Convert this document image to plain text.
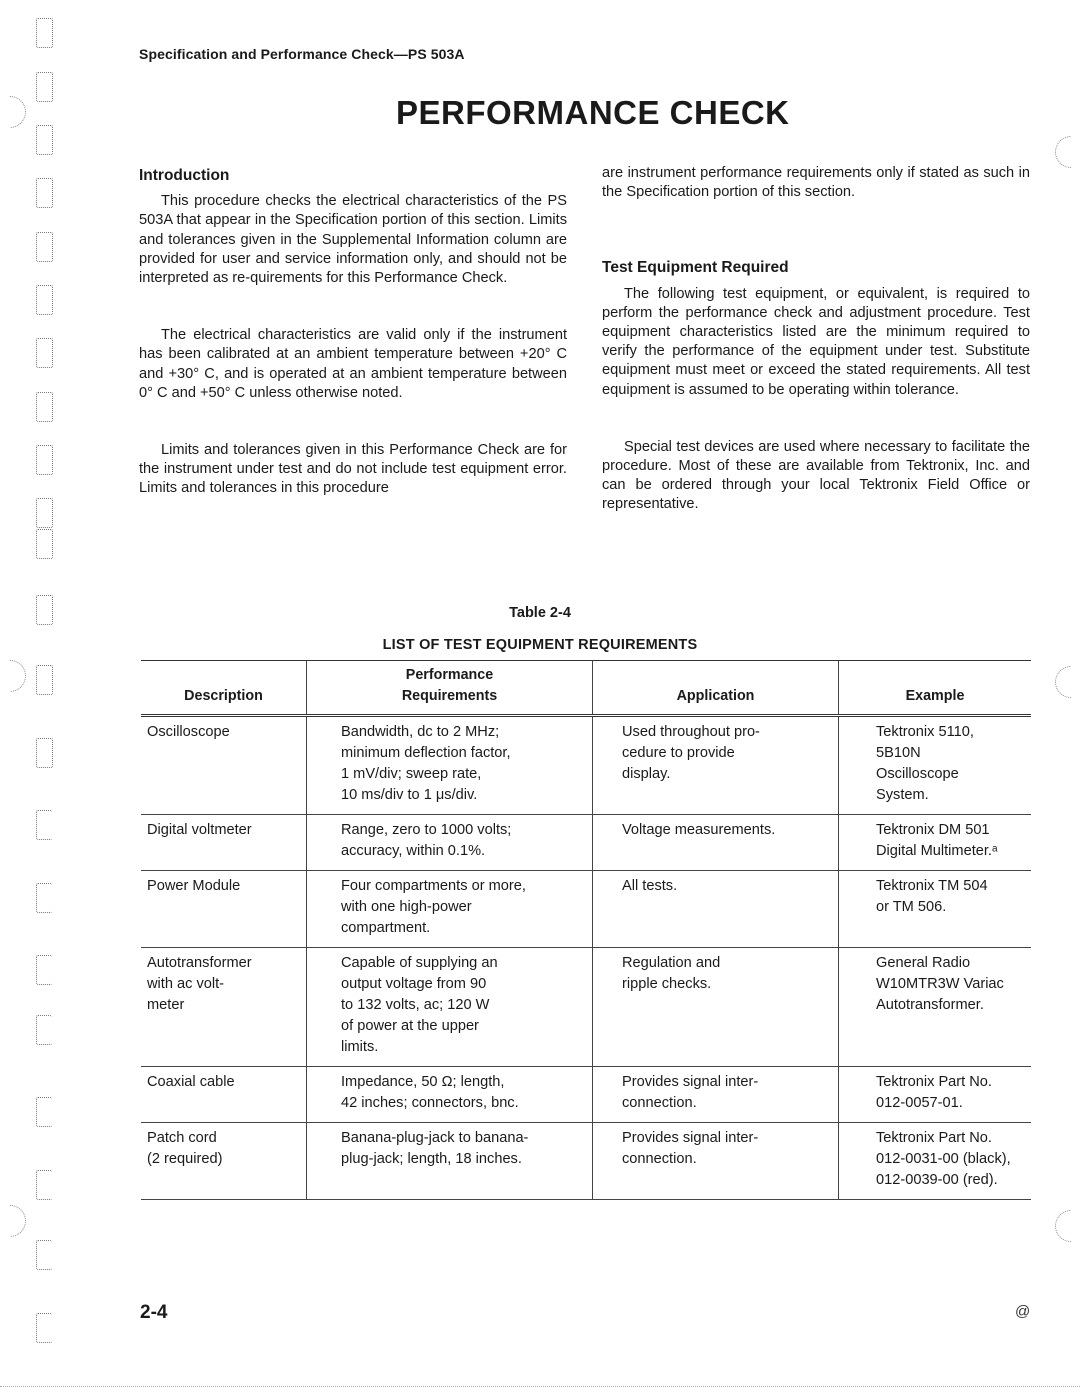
Specification and Performance Check—PS 503A
PERFORMANCE CHECK
Introduction

This procedure checks the electrical characteristics of the PS 503A that appear in the Specification portion of this section. Limits and tolerances given in the Supplemental Information column are provided for user and service information only, and should not be interpreted as re-quirements for this Performance Check.

The electrical characteristics are valid only if the instrument has been calibrated at an ambient temperature between +20° C and +30° C, and is operated at an ambient temperature between 0° C and +50° C unless otherwise noted.

Limits and tolerances given in this Performance Check are for the instrument under test and do not include test equipment error. Limits and tolerances in this procedure

are instrument performance requirements only if stated as such in the Specification portion of this section.

Test Equipment Required

The following test equipment, or equivalent, is required to perform the performance check and adjustment procedure. Test equipment characteristics listed are the minimum required to verify the performance of the equipment under test. Substitute equipment must meet or exceed the stated requirements. All test equipment is assumed to be operating within tolerance.

Special test devices are used where necessary to facilitate the procedure. Most of these are available from Tektronix, Inc. and can be ordered through your local Tektronix Field Office or representative.

Table 2-4
LIST OF TEST EQUIPMENT REQUIREMENTS
Description	Performance
Requirements	Application	Example

Oscilloscope	Bandwidth, dc to 2 MHz;
minimum deflection factor,
1 mV/div; sweep rate,
10 ms/div to 1 μs/div.	Used throughout pro-
cedure to provide
display.	Tektronix 5110,
5B10N
Oscilloscope
System.

Digital voltmeter	Range, zero to 1000 volts;
accuracy, within 0.1%.	Voltage measurements.	Tektronix DM 501
Digital Multimeter.ᵃ

Power Module	Four compartments or more,
with one high-power
compartment.	All tests.	Tektronix TM 504
or TM 506.

Autotransformer
with ac volt-
meter	Capable of supplying an
output voltage from 90
to 132 volts, ac; 120 W
of power at the upper
limits.	Regulation and
ripple checks.	General Radio
W10MTR3W Variac
Autotransformer.

Coaxial cable	Impedance, 50 Ω; length,
42 inches; connectors, bnc.	Provides signal inter-
connection.	Tektronix Part No.
012-0057-01.

Patch cord
(2 required)	Banana-plug-jack to banana-
plug-jack; length, 18 inches.	Provides signal inter-
connection.	Tektronix Part No.
012-0031-00 (black),
012-0039-00 (red).
2-4	@
